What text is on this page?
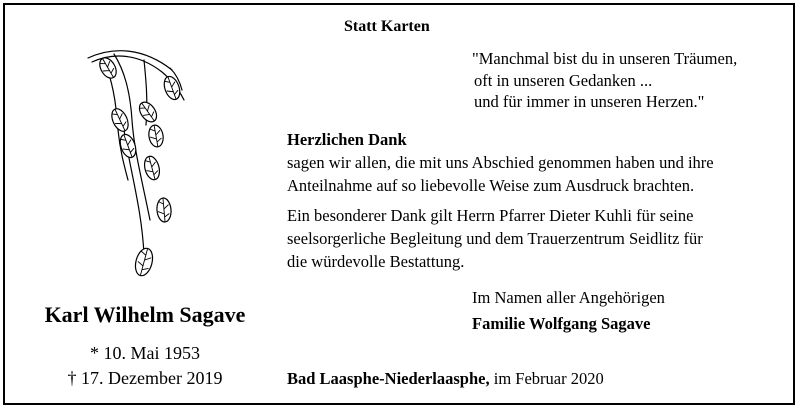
Statt Karten
"Manchmal bist du in unseren Träumen,
oft in unseren Gedanken ...
und für immer in unseren Herzen."
Herzlichen Dank
sagen wir allen, die mit uns Abschied genommen haben und ihre
Anteilnahme auf so liebevolle Weise zum Ausdruck brachten.
Ein besonderer Dank gilt Herrn Pfarrer Dieter Kuhli für seine
seelsorgerliche Begleitung und dem Trauerzentrum Seidlitz für
die würdevolle Bestattung.
Im Namen aller Angehörigen
Familie Wolfgang Sagave
Bad Laasphe-Niederlaasphe, im Februar 2020
Karl Wilhelm Sagave
* 10. Mai 1953
† 17. Dezember 2019
